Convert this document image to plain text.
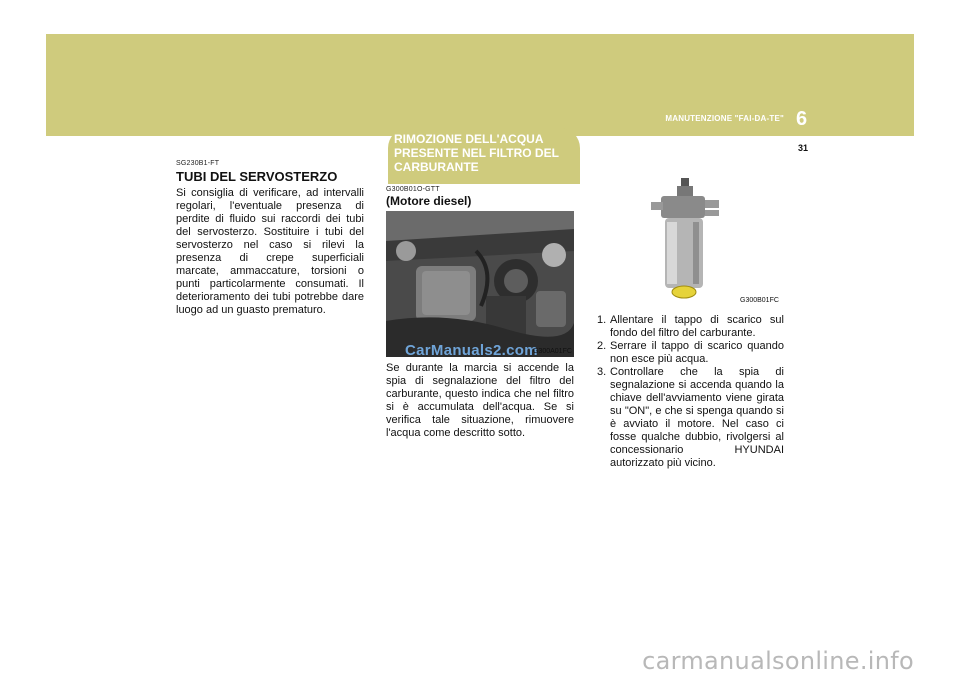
6
MANUTENZIONE "FAI-DA-TE"
31
SG230B1-FT
TUBI DEL SERVOSTERZO

Si consiglia di verificare, ad intervalli regolari, l'eventuale presenza di perdite di fluido sui raccordi dei tubi del servosterzo. Sostituire i tubi del servosterzo nel caso si rilevi la presenza di crepe superficiali marcate, ammaccature, torsioni o punti particolarmente consumati. Il deterioramento dei tubi potrebbe dare luogo ad un guasto prematuro.

RIMOZIONE DELL'ACQUA PRESENTE NEL FILTRO DEL CARBURANTE
G300B01O-GTT
(Motore diesel)
CarManuals2.com
G300A01FC

Se durante la marcia si accende la spia di segnalazione del filtro del carburante, questo indica che nel filtro si è accumulata dell'acqua. Se si verifica tale situazione, rimuovere l'acqua come descritto sotto.

G300B01FC
1. Allentare il tappo di scarico sul fondo del filtro del carburante.
2. Serrare il tappo di scarico quando non esce più acqua.
3. Controllare che la spia di segnalazione si accenda quando la chiave dell'avviamento viene girata su "ON", e che si spenga quando si è avviato il motore. Nel caso ci fosse qualche dubbio, rivolgersi al concessionario HYUNDAI autorizzato più vicino.
carmanualsonline.info
